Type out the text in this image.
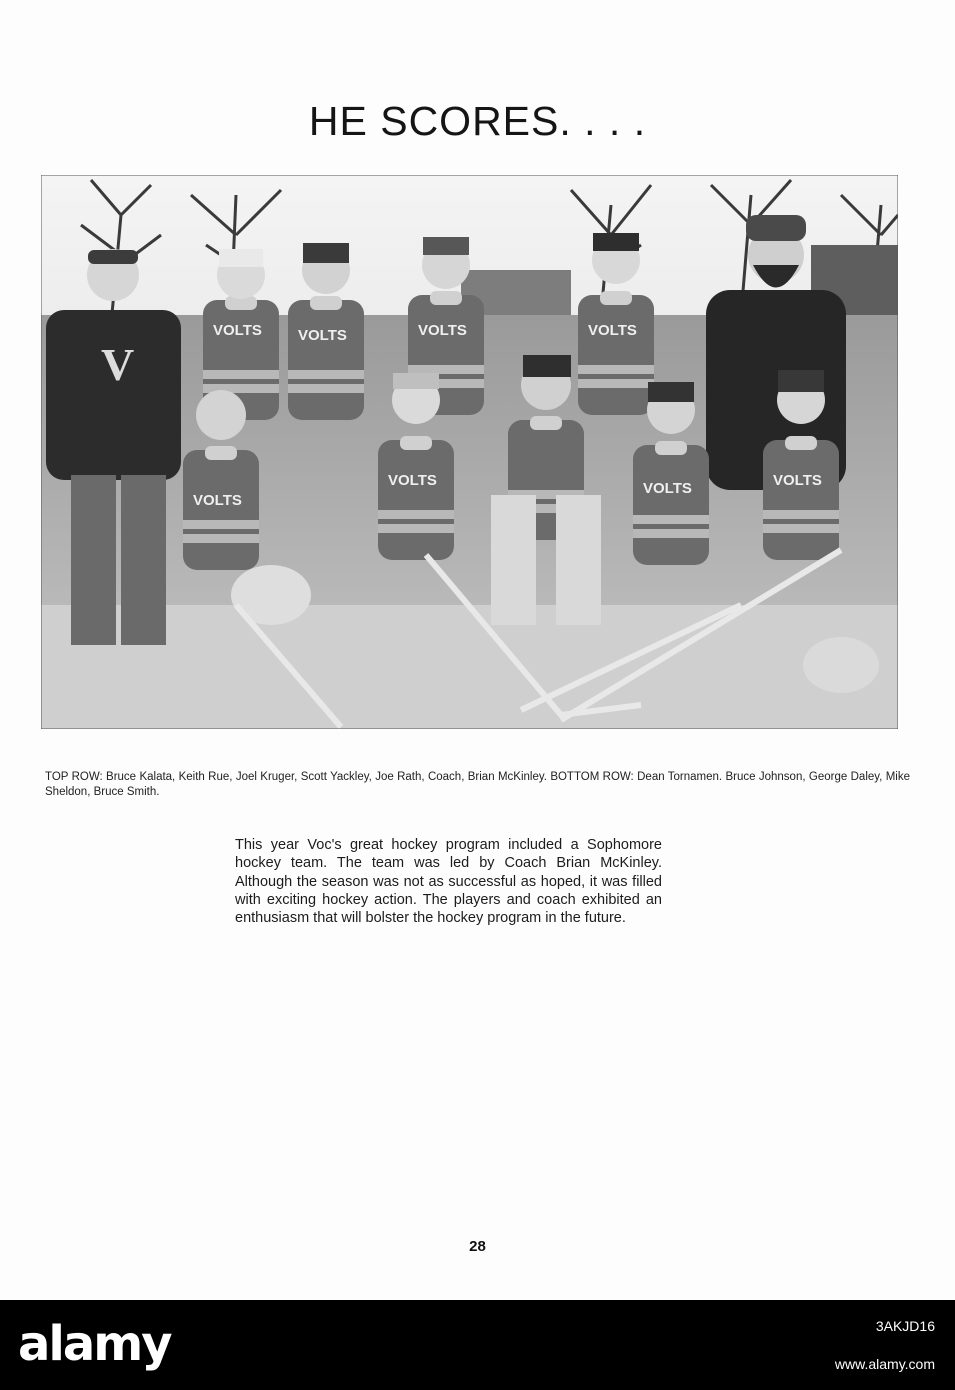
HE SCORES. . . .
V
VOLTS VOLTS	VOLTS	VOLTS
VOLTS
VOLTS	VOLTS	VOLTS
TOP ROW: Bruce Kalata, Keith Rue, Joel Kruger, Scott Yackley, Joe Rath, Coach, Brian McKinley. BOTTOM ROW: Dean Tornamen. Bruce Johnson, George Daley, Mike Sheldon, Bruce Smith.
This year Voc's great hockey program included a Sophomore hockey team. The team was led by Coach Brian McKinley. Although the season was not as successful as hoped, it was filled with exciting hockey action. The players and coach exhibited an enthusiasm that will bolster the hockey program in the future.
28
alamy	3AKJD16
www.alamy.com
